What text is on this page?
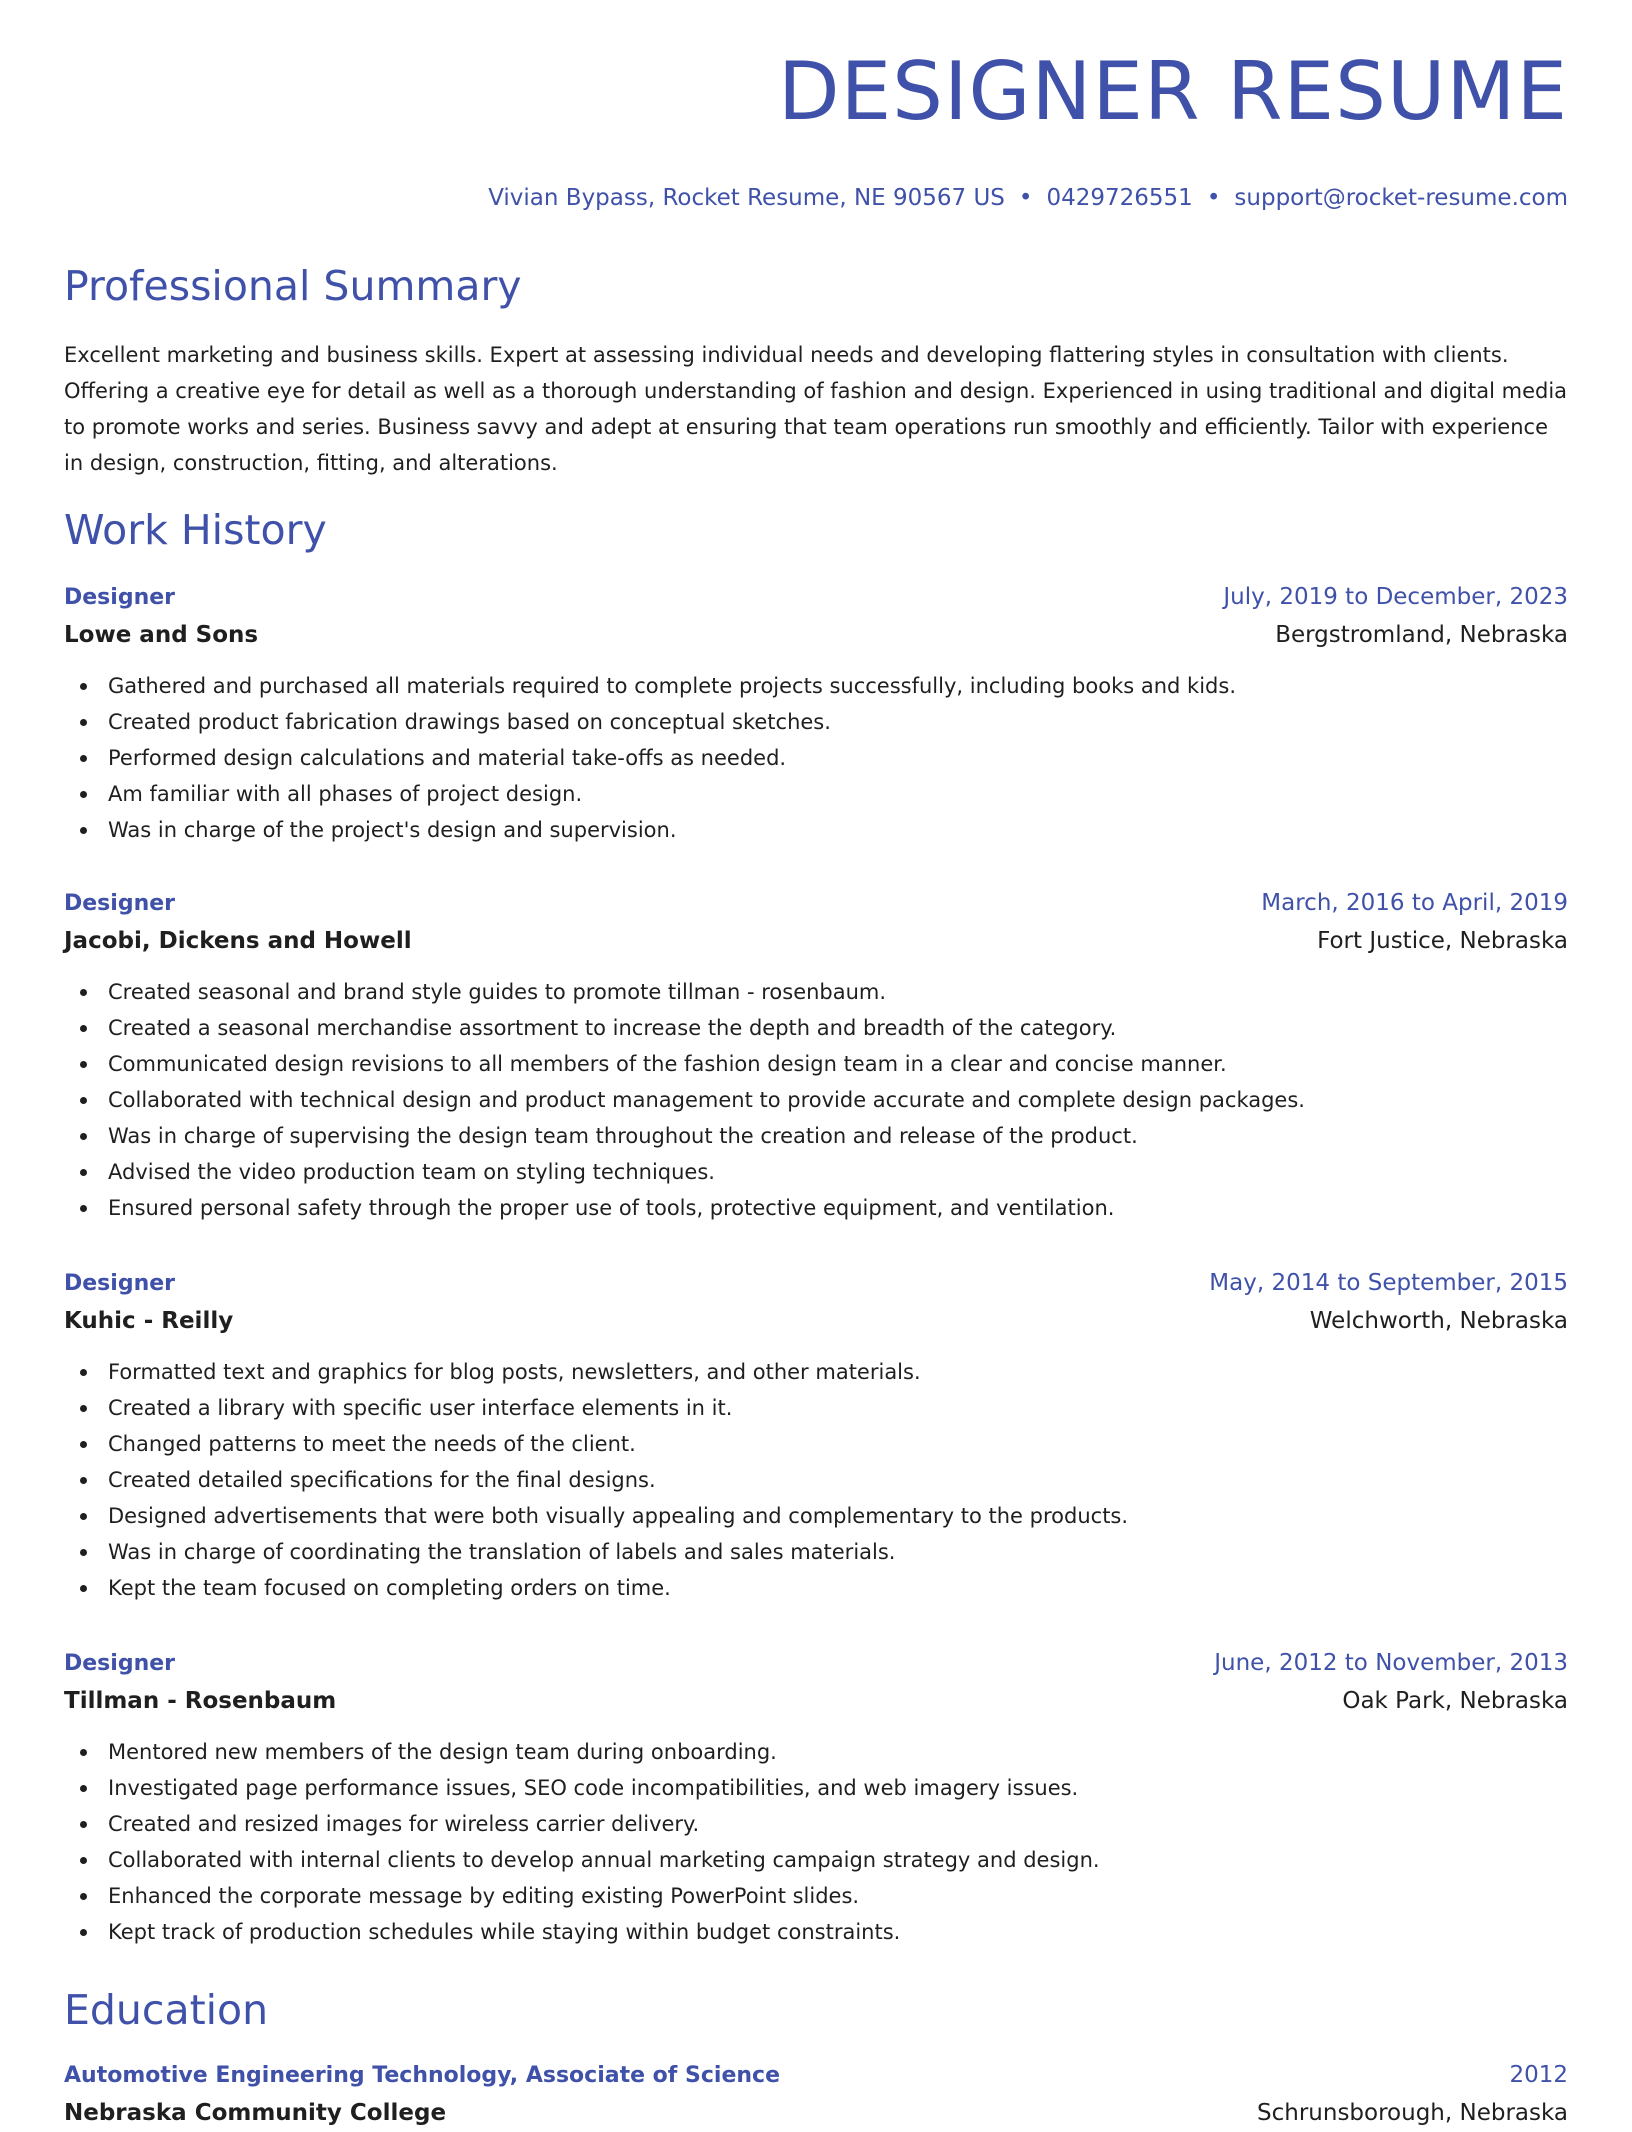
DESIGNER RESUME
Vivian Bypass, Rocket Resume, NE 90567 US • 0429726551 • support@rocket-resume.com
Professional Summary

Excellent marketing and business skills. Expert at assessing individual needs and developing flattering styles in consultation with clients. Offering a creative eye for detail as well as a thorough understanding of fashion and design. Experienced in using traditional and digital media to promote works and series. Business savvy and adept at ensuring that team operations run smoothly and efficiently. Tailor with experience in design, construction, fitting, and alterations.

Work History
Designer	July, 2019 to December, 2023
Lowe and Sons	Bergstromland, Nebraska
Gathered and purchased all materials required to complete projects successfully, including books and kids.
Created product fabrication drawings based on conceptual sketches.
Performed design calculations and material take-offs as needed.
Am familiar with all phases of project design.
Was in charge of the project's design and supervision.
Designer	March, 2016 to April, 2019
Jacobi, Dickens and Howell	Fort Justice, Nebraska
Created seasonal and brand style guides to promote tillman - rosenbaum.
Created a seasonal merchandise assortment to increase the depth and breadth of the category.
Communicated design revisions to all members of the fashion design team in a clear and concise manner.
Collaborated with technical design and product management to provide accurate and complete design packages.
Was in charge of supervising the design team throughout the creation and release of the product.
Advised the video production team on styling techniques.
Ensured personal safety through the proper use of tools, protective equipment, and ventilation.
Designer	May, 2014 to September, 2015
Kuhic - Reilly	Welchworth, Nebraska
Formatted text and graphics for blog posts, newsletters, and other materials.
Created a library with specific user interface elements in it.
Changed patterns to meet the needs of the client.
Created detailed specifications for the final designs.
Designed advertisements that were both visually appealing and complementary to the products.
Was in charge of coordinating the translation of labels and sales materials.
Kept the team focused on completing orders on time.
Designer	June, 2012 to November, 2013
Tillman - Rosenbaum	Oak Park, Nebraska
Mentored new members of the design team during onboarding.
Investigated page performance issues, SEO code incompatibilities, and web imagery issues.
Created and resized images for wireless carrier delivery.
Collaborated with internal clients to develop annual marketing campaign strategy and design.
Enhanced the corporate message by editing existing PowerPoint slides.
Kept track of production schedules while staying within budget constraints.
Education
Automotive Engineering Technology, Associate of Science	2012
Nebraska Community College	Schrunsborough, Nebraska
